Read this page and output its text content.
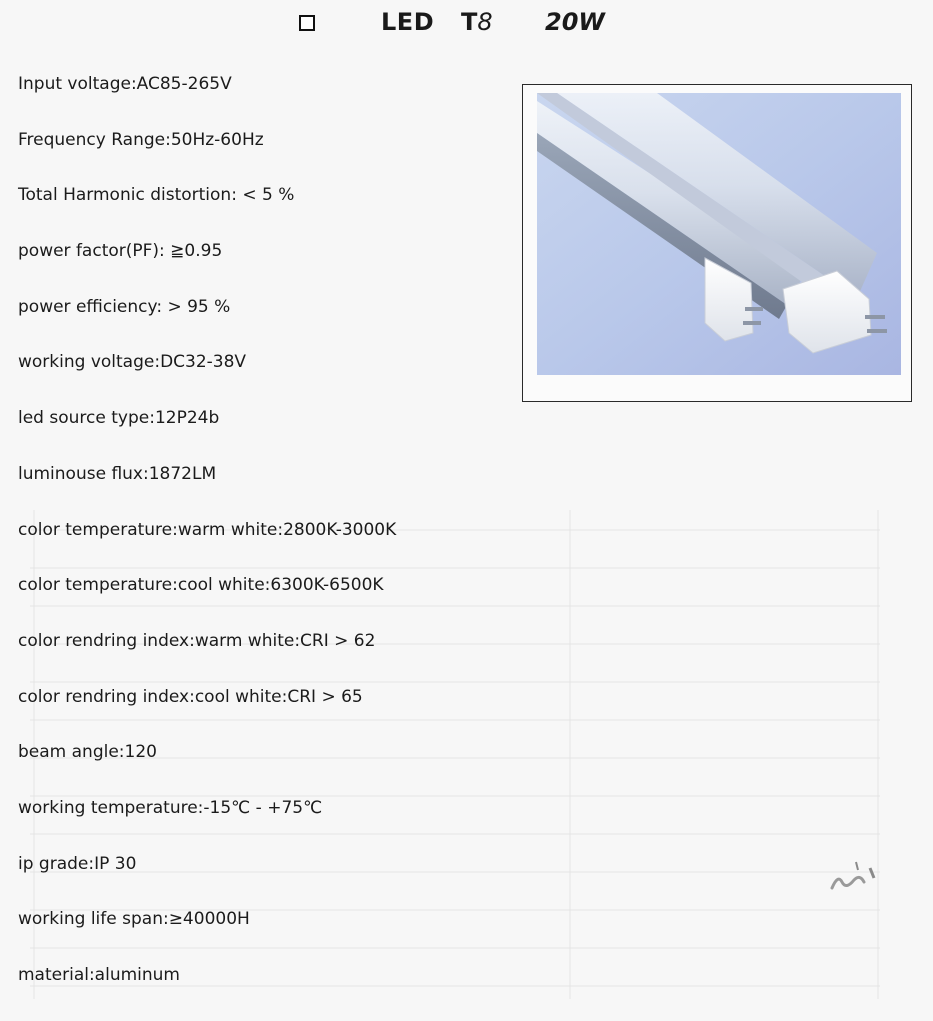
LED T8 20W
Input voltage:AC85-265V
Frequency Range:50Hz-60Hz
Total Harmonic distortion: < 5 %
power factor(PF): ≧0.95
power efficiency: > 95 %
working voltage:DC32-38V
led source type:12P24b
luminouse flux:1872LM
color temperature:warm white:2800K-3000K
color temperature:cool white:6300K-6500K
color rendring index:warm white:CRI > 62
color rendring index:cool white:CRI > 65
beam angle:120
working temperature:-15℃ - +75℃
ip grade:IP 30
working life span:≥40000H
material:aluminum
